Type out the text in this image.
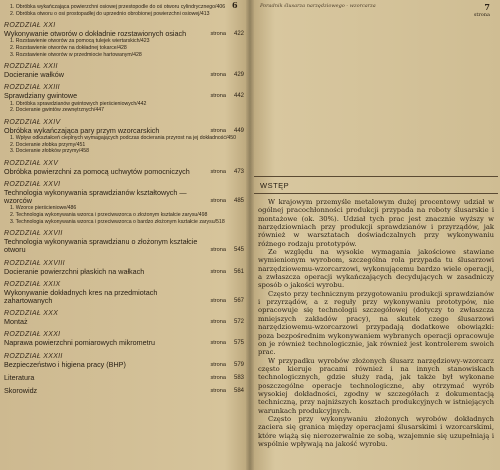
6
1. Obróbka wykańczająca powierzchni osiowej przestopodle do oś otworu cylindrycznego/406
2. Obróbka otworu o osi prostopadłej do uprzednio obrobionej powierzchni osiowej/413
ROZDZIAŁ XXI
Wykonywanie otworów o dokładnie rozstawionych osiach	strona 422
1. Rozstawienie otworów za pomocą tulejek wiertarskich/423
2. Rozstawienie otworów na dokładnej tokarce/428
3. Rozstawienie otworów w przedmiocie hartowanym/428
ROZDZIAŁ XXII
Docieranie wałków	strona 429
ROZDZIAŁ XXIII
Sprawdziany gwintowe	strona 442
1. Obróbka sprawdzianów gwintowych pierścieniowych/442
2. Docieranie gwintów zewnętrznych/447
ROZDZIAŁ XXIV
Obróbka wykańczająca pary przym wzorcarskich	strona 449
1. Wpływ odkształceń cieplnych wymagających podczas docierania przyrost na jej dokładność/450
2. Docieranie złobka przymy/451
3. Docieranie złobków przymy/458
ROZDZIAŁ XXV
Obróbka powierzchni za pomocą uchwytów pomocniczych	strona 473
ROZDZIAŁ XXVI
Technologia wykonywania sprawdzianów kształtowych — wzorców	strona 485
1. Wzorce pierścieniowe/486
2. Technologia wykonywania wzorca i przeciwwzorca o złożonym kształcie zarysu/498
3. Technologia wykonywania wzorca i przeciwwzorca o bardzo złożonym kształcie zarysu/518
ROZDZIAŁ XXVII
Technologia wykonywania sprawdzianu o złożonym kształcie otworu	strona 545
ROZDZIAŁ XXVIII
Docieranie powierzchni płaskich na wałkach	strona 561
ROZDZIAŁ XXIX
Wykonywanie dokładnych kres na przedmiotach zahartowanych	strona 567
ROZDZIAŁ XXX
Montaż	strona 572
ROZDZIAŁ XXXI
Naprawa powierzchni pomiarowych mikrometru	strona 575
ROZDZIAŁ XXXII
Bezpieczeństwo i higiena pracy (BHP)	strona 579
Literatura	strona 583
Skorowidz	strona 584
Poradnik ślusarza narzędziowego - wzorcarza	7
strona
WSTĘP

W krajowym przemyśle metalowym dużej procentowy udział w ogólnej pracochłonności produkcji przypada na roboty ślusarskie i montażowe (ok. 30%). Udział tych prac jest znacznie wyższy w narzędziowniach przy produkcji sprawdzianów i przyrządów, jak również w warsztatach doświadczalnych przy wykonywaniu różnego rodzaju prototypów.

Ze względu na wysokie wymagania jakościowe stawiane wymienionym wyrobom, szczególna rola przypada tu ślusarzowi narzędziowemu-wzorcarzowi, wykonującemu bardzo wiele operacji, a zwłaszcza operacji wykańczających decydujących w zasadniczy sposób o jakości wyrobu.

Często przy technicznym przygotowaniu produkcji sprawdzianów i przyrządów, a z reguły przy wykonywaniu prototypów, nie opracowuje się technologii szczegółowej (dotyczy to zwłaszcza mniejszych zakładów pracy), na skutek czego ślusarzowi narzędziowemu-wzorcarzowi przypadają dodatkowe obowiązki: poza bezpośrednim wykonywaniem wybranych operacji opracowuje on je również technologicznie, jak również jest kontrolerem swoich prac.

W przypadku wyrobów złożonych ślusarz narzędziowy-wzorcarz często kieruje pracami również i na innych stanowiskach technologicznych, gdzie służy radą, jak także był wykonane poszczególne operacje technologiczne, aby otrzymać wyrób wysokiej dokładności, zgodny w szczegółach z dokumentacją techniczną, przy najniższych kosztach produkcyjnych w istniejących warunkach produkcyjnych.

Często przy wykonywaniu złożonych wyrobów dokładnych zaciera się granica między operacjami ślusarskimi i wzorcarskimi, które wiążą się nierozerwalnie ze sobą, wzajemnie się uzupełniają i wspólnie wpływają na jakość wyrobu.
